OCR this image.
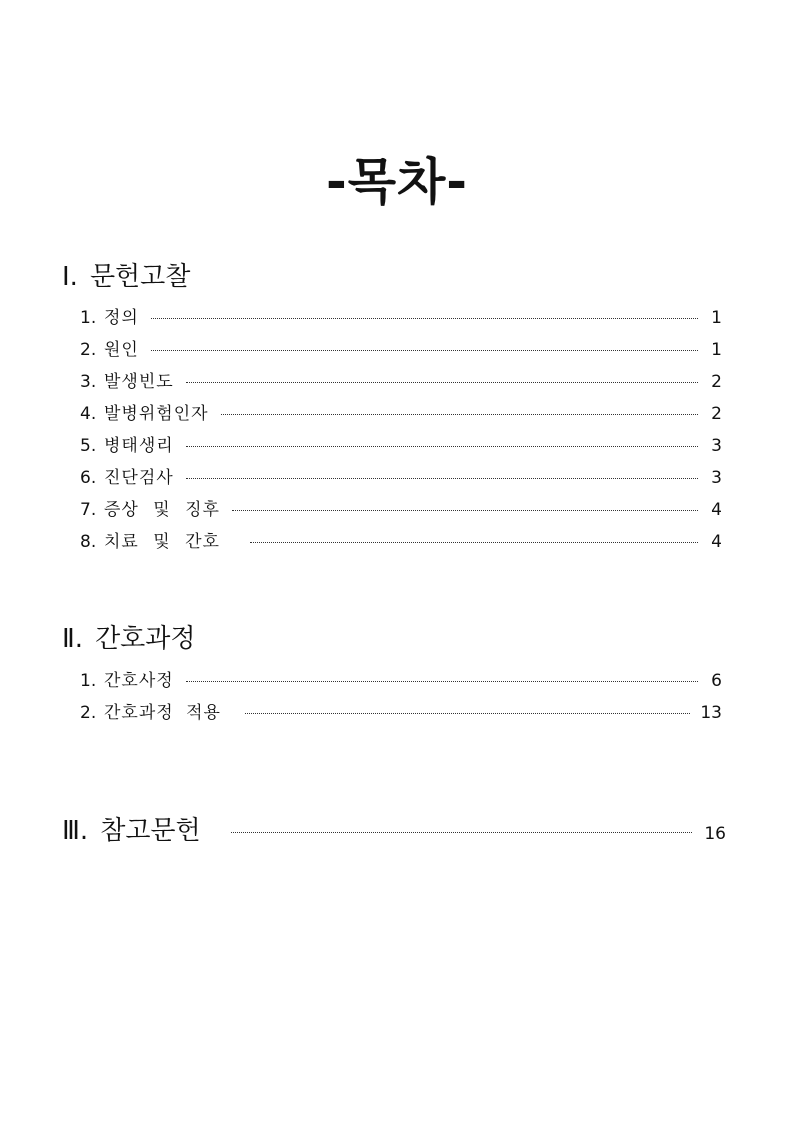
-목차-
Ⅰ. 문헌고찰
1. 정의	1
2. 원인	1
3. 발생빈도	2
4. 발병위험인자	2
5. 병태생리	3
6. 진단검사	3
7. 증상 및 징후	4
8. 치료 및 간호	4
Ⅱ. 간호과정
1. 간호사정	6
2. 간호과정 적용	13
Ⅲ. 참고문헌	16
